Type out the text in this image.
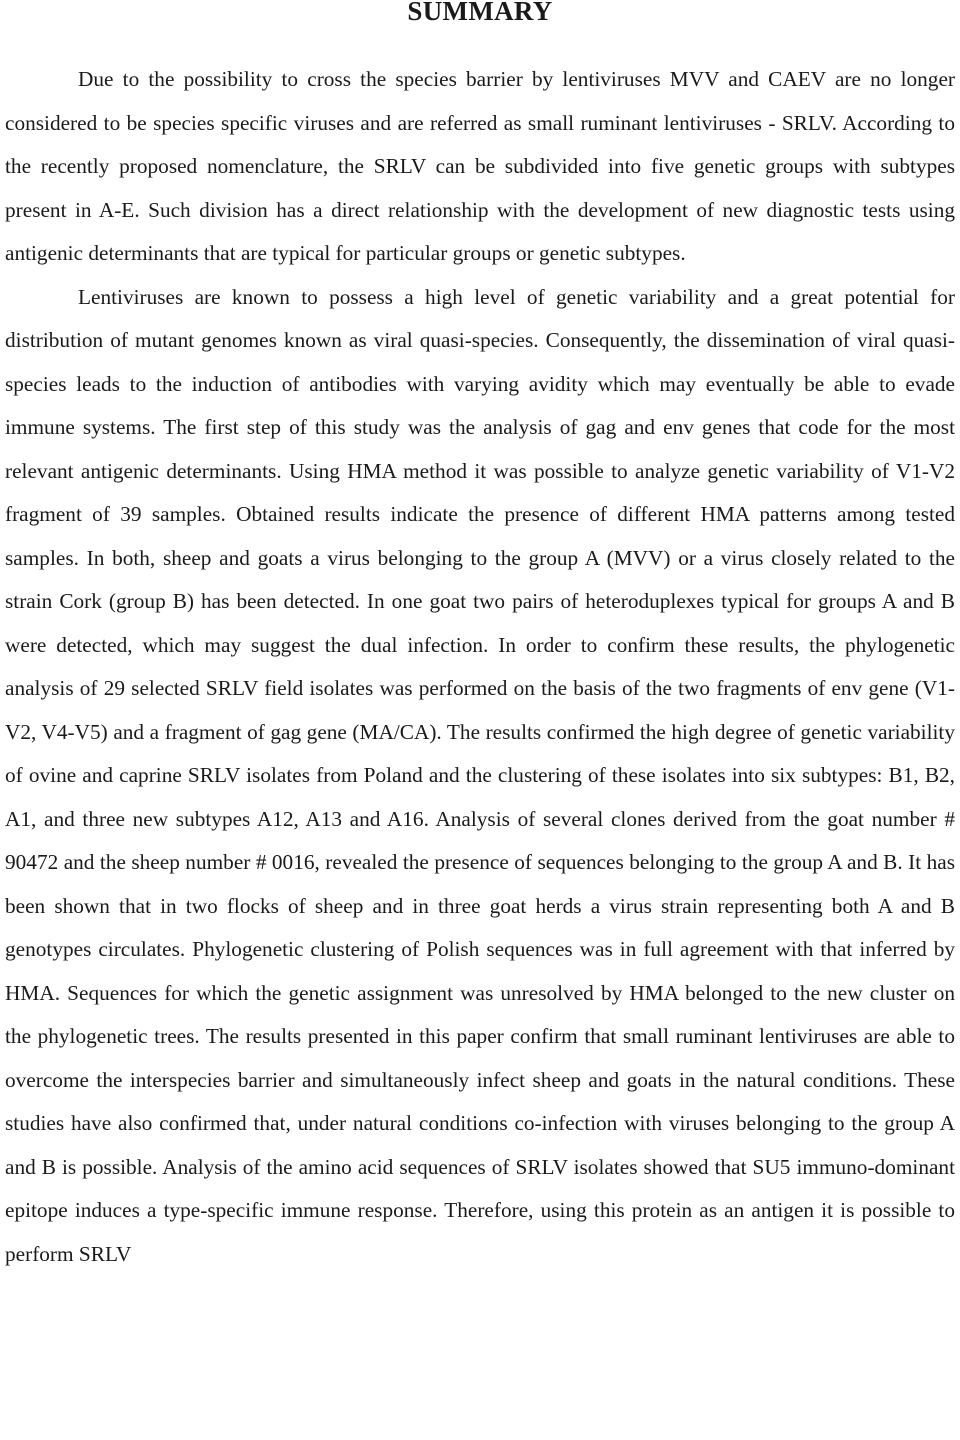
SUMMARY

Due to the possibility to cross the species barrier by lentiviruses MVV and CAEV are no longer considered to be species specific viruses and are referred as small ruminant lentiviruses - SRLV. According to the recently proposed nomenclature, the SRLV can be subdivided into five genetic groups with subtypes present in A-E. Such division has a direct relationship with the development of new diagnostic tests using antigenic determinants that are typical for particular groups or genetic subtypes.

Lentiviruses are known to possess a high level of genetic variability and a great potential for distribution of mutant genomes known as viral quasi-species. Consequently, the dissemination of viral quasi-species leads to the induction of antibodies with varying avidity which may eventually be able to evade immune systems. The first step of this study was the analysis of gag and env genes that code for the most relevant antigenic determinants. Using HMA method it was possible to analyze genetic variability of V1-V2 fragment of 39 samples. Obtained results indicate the presence of different HMA patterns among tested samples. In both, sheep and goats a virus belonging to the group A (MVV) or a virus closely related to the strain Cork (group B) has been detected. In one goat two pairs of heteroduplexes typical for groups A and B were detected, which may suggest the dual infection. In order to confirm these results, the phylogenetic analysis of 29 selected SRLV field isolates was performed on the basis of the two fragments of env gene (V1-V2, V4-V5) and a fragment of gag gene (MA/CA). The results confirmed the high degree of genetic variability of ovine and caprine SRLV isolates from Poland and the clustering of these isolates into six subtypes: B1, B2, A1, and three new subtypes A12, A13 and A16. Analysis of several clones derived from the goat number # 90472 and the sheep number # 0016, revealed the presence of sequences belonging to the group A and B. It has been shown that in two flocks of sheep and in three goat herds a virus strain representing both A and B genotypes circulates. Phylogenetic clustering of Polish sequences was in full agreement with that inferred by HMA. Sequences for which the genetic assignment was unresolved by HMA belonged to the new cluster on the phylogenetic trees. The results presented in this paper confirm that small ruminant lentiviruses are able to overcome the interspecies barrier and simultaneously infect sheep and goats in the natural conditions. These studies have also confirmed that, under natural conditions co-infection with viruses belonging to the group A and B is possible. Analysis of the amino acid sequences of SRLV isolates showed that SU5 immuno-dominant epitope induces a type-specific immune response. Therefore, using this protein as an antigen it is possible to perform SRLV
